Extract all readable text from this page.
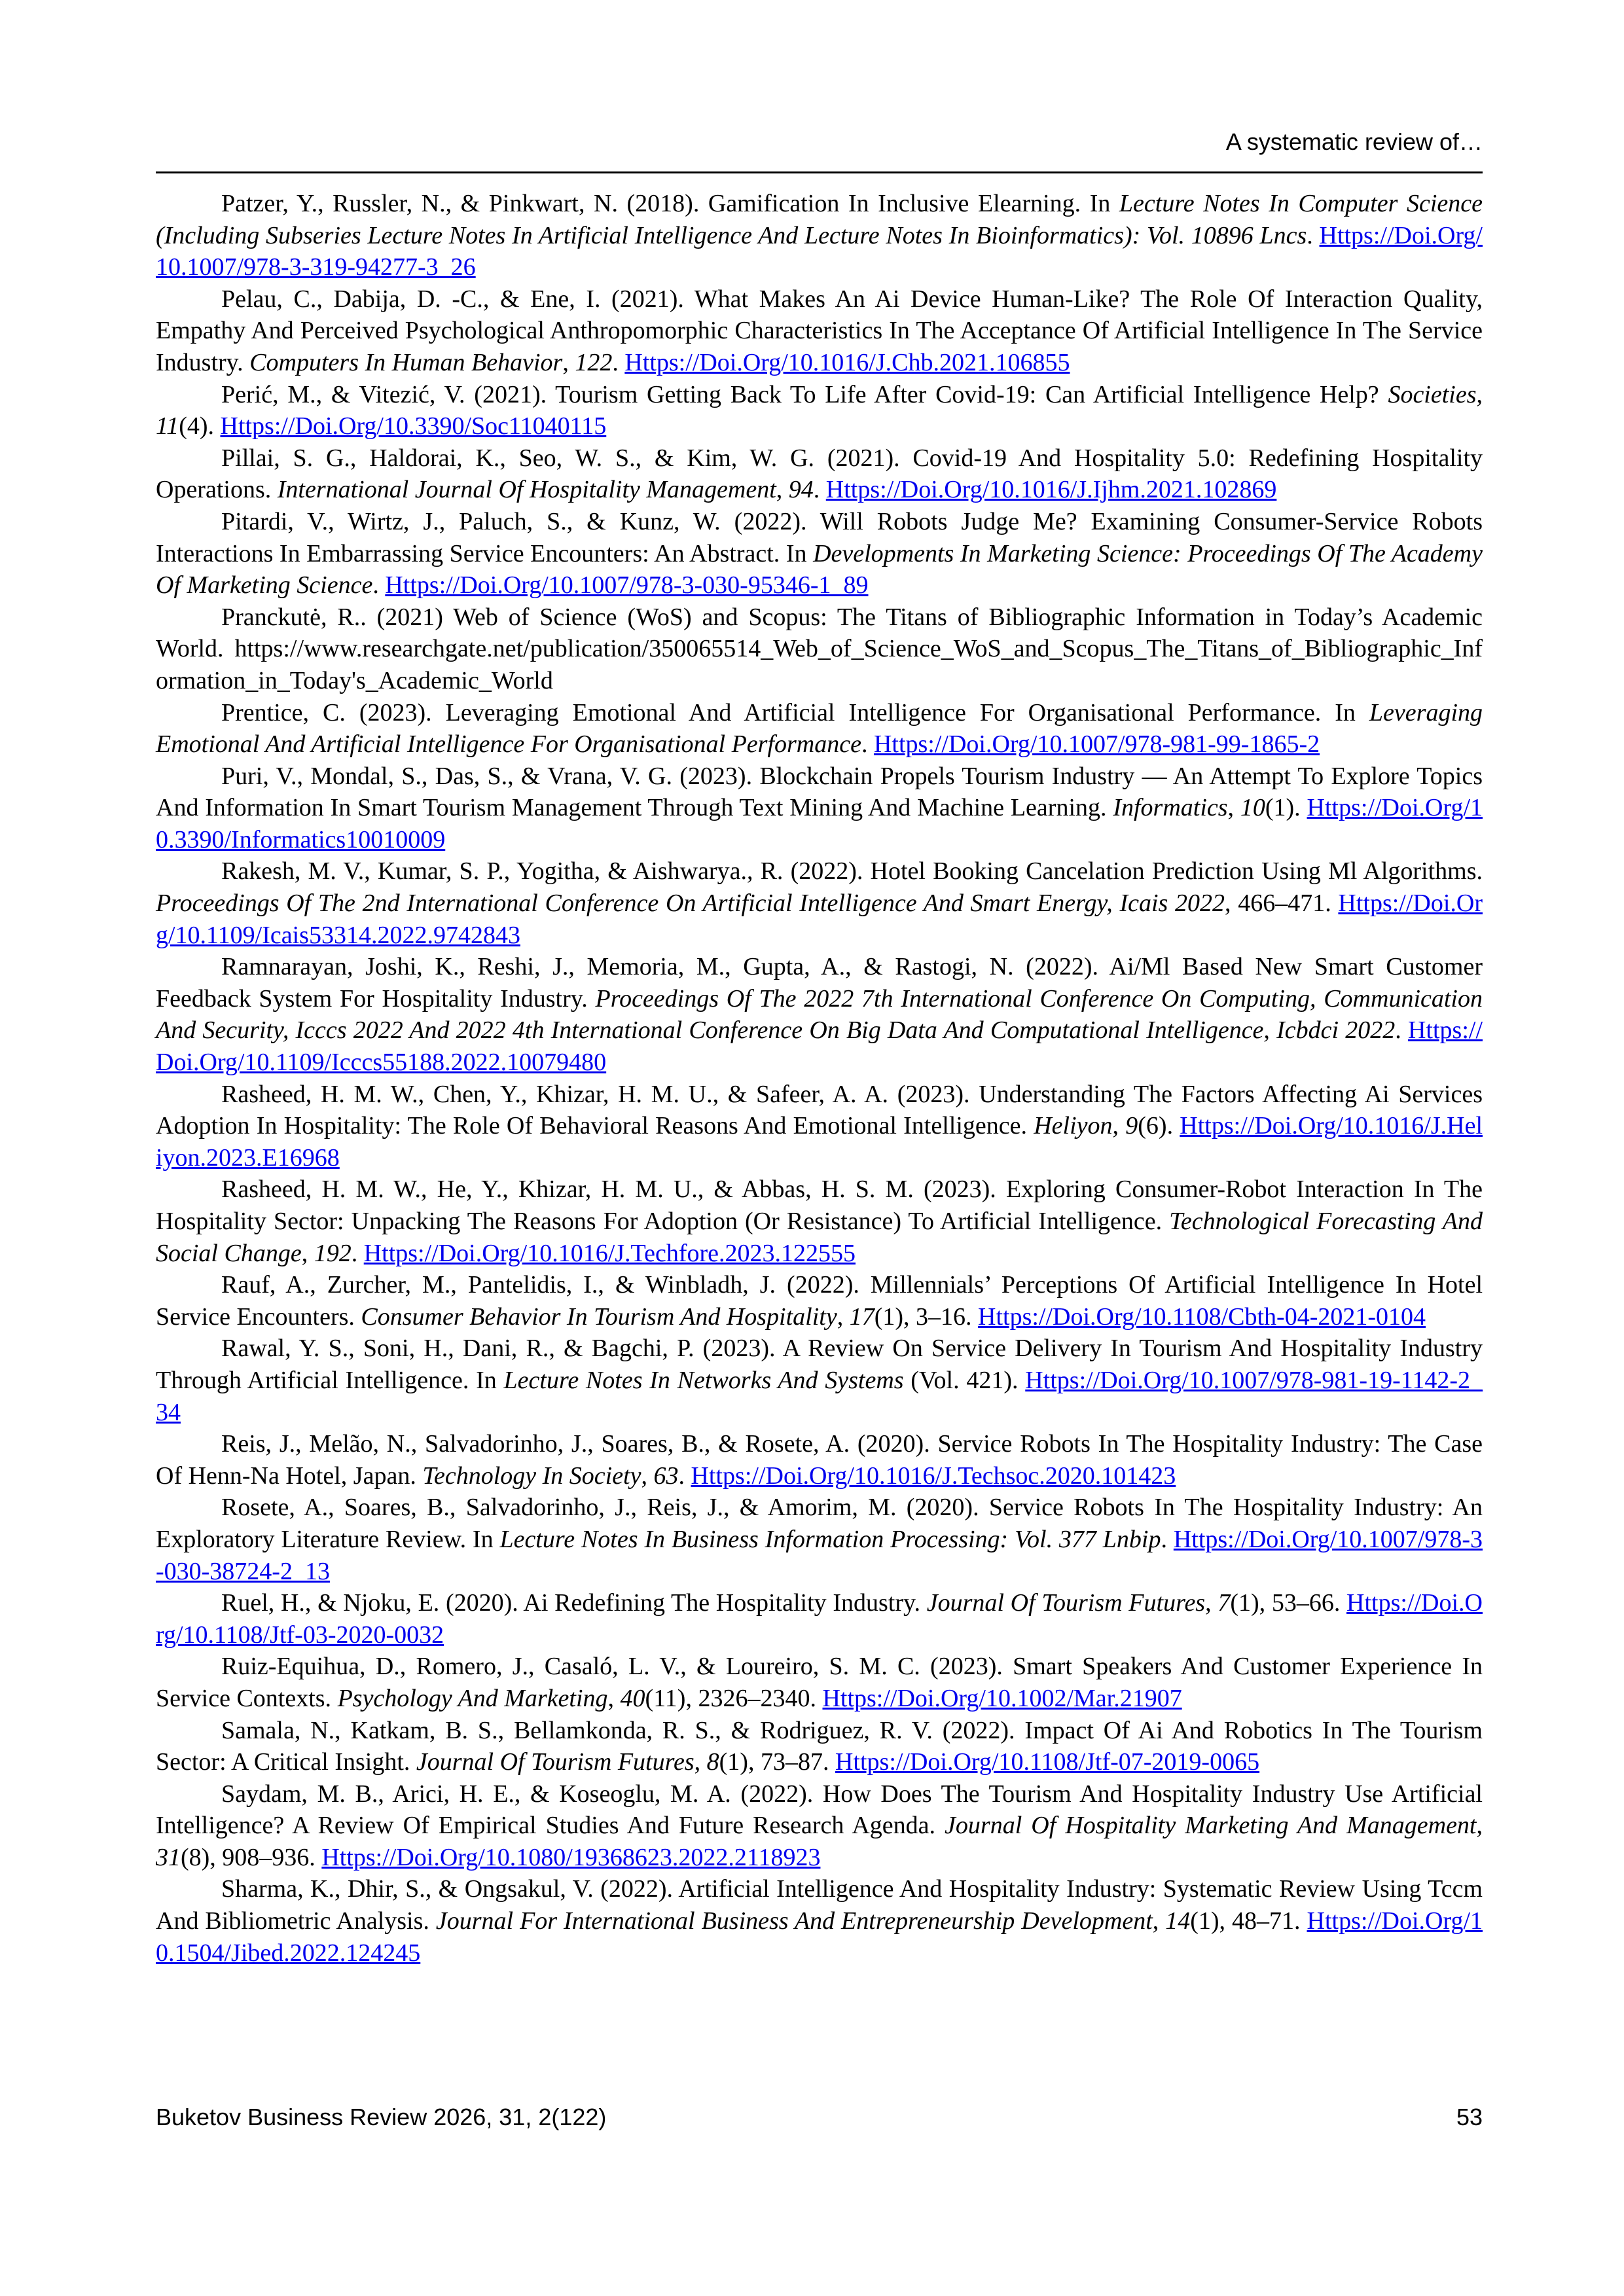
A systematic review of…

Patzer, Y., Russler, N., & Pinkwart, N. (2018). Gamification In Inclusive Elearning. In Lecture Notes In Computer Science (Including Subseries Lecture Notes In Artificial Intelligence And Lecture Notes In Bioinformatics): Vol. 10896 Lncs. Https://Doi.Org/10.1007/978-3-319-94277-3_26

Pelau, C., Dabija, D. -C., & Ene, I. (2021). What Makes An Ai Device Human-Like? The Role Of Interaction Quality, Empathy And Perceived Psychological Anthropomorphic Characteristics In The Acceptance Of Artificial Intelligence In The Service Industry. Computers In Human Behavior, 122. Https://Doi.Org/10.1016/J.Chb.2021.106855

Perić, M., & Vitezić, V. (2021). Tourism Getting Back To Life After Covid-19: Can Artificial Intelligence Help? Societies, 11(4). Https://Doi.Org/10.3390/Soc11040115

Pillai, S. G., Haldorai, K., Seo, W. S., & Kim, W. G. (2021). Covid-19 And Hospitality 5.0: Redefining Hospitality Operations. International Journal Of Hospitality Management, 94. Https://Doi.Org/10.1016/J.Ijhm.2021.102869

Pitardi, V., Wirtz, J., Paluch, S., & Kunz, W. (2022). Will Robots Judge Me? Examining Consumer-Service Robots Interactions In Embarrassing Service Encounters: An Abstract. In Developments In Marketing Science: Proceedings Of The Academy Of Marketing Science. Https://Doi.Org/10.1007/978-3-030-95346-1_89

Pranckutė, R.. (2021) Web of Science (WoS) and Scopus: The Titans of Bibliographic Information in Today’s Academic World. https://www.researchgate.net/publication/350065514_Web_of_Science_WoS_and_Scopus_The_Titans_of_Bibliographic_Information_in_Today's_Academic_World

Prentice, C. (2023). Leveraging Emotional And Artificial Intelligence For Organisational Performance. In Leveraging Emotional And Artificial Intelligence For Organisational Performance. Https://Doi.Org/10.1007/978-981-99-1865-2

Puri, V., Mondal, S., Das, S., & Vrana, V. G. (2023). Blockchain Propels Tourism Industry — An Attempt To Explore Topics And Information In Smart Tourism Management Through Text Mining And Machine Learning. Informatics, 10(1). Https://Doi.Org/10.3390/Informatics10010009

Rakesh, M. V., Kumar, S. P., Yogitha, & Aishwarya., R. (2022). Hotel Booking Cancelation Prediction Using Ml Algorithms. Proceedings Of The 2nd International Conference On Artificial Intelligence And Smart Energy, Icais 2022, 466–471. Https://Doi.Org/10.1109/Icais53314.2022.9742843

Ramnarayan, Joshi, K., Reshi, J., Memoria, M., Gupta, A., & Rastogi, N. (2022). Ai/Ml Based New Smart Customer Feedback System For Hospitality Industry. Proceedings Of The 2022 7th International Conference On Computing, Communication And Security, Icccs 2022 And 2022 4th International Conference On Big Data And Computational Intelligence, Icbdci 2022. Https://Doi.Org/10.1109/Icccs55188.2022.10079480

Rasheed, H. M. W., Chen, Y., Khizar, H. M. U., & Safeer, A. A. (2023). Understanding The Factors Affecting Ai Services Adoption In Hospitality: The Role Of Behavioral Reasons And Emotional Intelligence. Heliyon, 9(6). Https://Doi.Org/10.1016/J.Heliyon.2023.E16968

Rasheed, H. M. W., He, Y., Khizar, H. M. U., & Abbas, H. S. M. (2023). Exploring Consumer-Robot Interaction In The Hospitality Sector: Unpacking The Reasons For Adoption (Or Resistance) To Artificial Intelligence. Technological Forecasting And Social Change, 192. Https://Doi.Org/10.1016/J.Techfore.2023.122555

Rauf, A., Zurcher, M., Pantelidis, I., & Winbladh, J. (2022). Millennials’ Perceptions Of Artificial Intelligence In Hotel Service Encounters. Consumer Behavior In Tourism And Hospitality, 17(1), 3–16. Https://Doi.Org/10.1108/Cbth-04-2021-0104

Rawal, Y. S., Soni, H., Dani, R., & Bagchi, P. (2023). A Review On Service Delivery In Tourism And Hospitality Industry Through Artificial Intelligence. In Lecture Notes In Networks And Systems (Vol. 421). Https://Doi.Org/10.1007/978-981-19-1142-2_34

Reis, J., Melão, N., Salvadorinho, J., Soares, B., & Rosete, A. (2020). Service Robots In The Hospitality Industry: The Case Of Henn-Na Hotel, Japan. Technology In Society, 63. Https://Doi.Org/10.1016/J.Techsoc.2020.101423

Rosete, A., Soares, B., Salvadorinho, J., Reis, J., & Amorim, M. (2020). Service Robots In The Hospitality Industry: An Exploratory Literature Review. In Lecture Notes In Business Information Processing: Vol. 377 Lnbip. Https://Doi.Org/10.1007/978-3-030-38724-2_13

Ruel, H., & Njoku, E. (2020). Ai Redefining The Hospitality Industry. Journal Of Tourism Futures, 7(1), 53–66. Https://Doi.Org/10.1108/Jtf-03-2020-0032

Ruiz-Equihua, D., Romero, J., Casaló, L. V., & Loureiro, S. M. C. (2023). Smart Speakers And Customer Experience In Service Contexts. Psychology And Marketing, 40(11), 2326–2340. Https://Doi.Org/10.1002/Mar.21907

Samala, N., Katkam, B. S., Bellamkonda, R. S., & Rodriguez, R. V. (2022). Impact Of Ai And Robotics In The Tourism Sector: A Critical Insight. Journal Of Tourism Futures, 8(1), 73–87. Https://Doi.Org/10.1108/Jtf-07-2019-0065

Saydam, M. B., Arici, H. E., & Koseoglu, M. A. (2022). How Does The Tourism And Hospitality Industry Use Artificial Intelligence? A Review Of Empirical Studies And Future Research Agenda. Journal Of Hospitality Marketing And Management, 31(8), 908–936. Https://Doi.Org/10.1080/19368623.2022.2118923

Sharma, K., Dhir, S., & Ongsakul, V. (2022). Artificial Intelligence And Hospitality Industry: Systematic Review Using Tccm And Bibliometric Analysis. Journal For International Business And Entrepreneurship Development, 14(1), 48–71. Https://Doi.Org/10.1504/Jibed.2022.124245

Buketov Business Review 2026, 31, 2(122)	53
